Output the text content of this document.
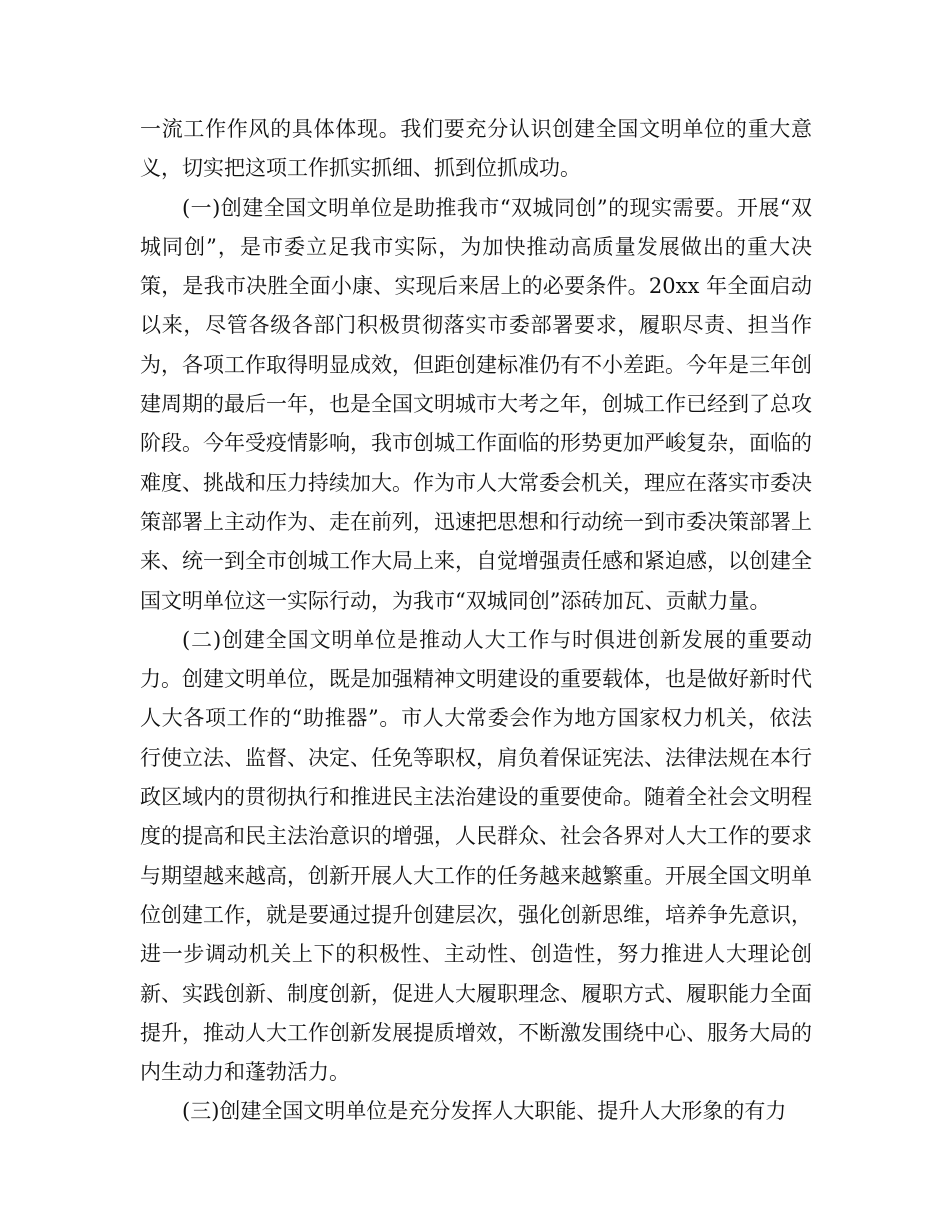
一流工作作风的具体体现。我们要充分认识创建全国文明单位的重大意义，切实把这项工作抓实抓细、抓到位抓成功。

(一)创建全国文明单位是助推我市“双城同创”的现实需要。开展“双城同创”，是市委立足我市实际，为加快推动高质量发展做出的重大决策，是我市决胜全面小康、实现后来居上的必要条件。20xx 年全面启动以来，尽管各级各部门积极贯彻落实市委部署要求，履职尽责、担当作为，各项工作取得明显成效，但距创建标准仍有不小差距。今年是三年创建周期的最后一年，也是全国文明城市大考之年，创城工作已经到了总攻阶段。今年受疫情影响，我市创城工作面临的形势更加严峻复杂，面临的难度、挑战和压力持续加大。作为市人大常委会机关，理应在落实市委决策部署上主动作为、走在前列，迅速把思想和行动统一到市委决策部署上来、统一到全市创城工作大局上来，自觉增强责任感和紧迫感，以创建全国文明单位这一实际行动，为我市“双城同创”添砖加瓦、贡献力量。

(二)创建全国文明单位是推动人大工作与时俱进创新发展的重要动力。创建文明单位，既是加强精神文明建设的重要载体，也是做好新时代人大各项工作的“助推器”。市人大常委会作为地方国家权力机关，依法行使立法、监督、决定、任免等职权，肩负着保证宪法、法律法规在本行政区域内的贯彻执行和推进民主法治建设的重要使命。随着全社会文明程度的提高和民主法治意识的增强，人民群众、社会各界对人大工作的要求与期望越来越高，创新开展人大工作的任务越来越繁重。开展全国文明单位创建工作，就是要通过提升创建层次，强化创新思维，培养争先意识，进一步调动机关上下的积极性、主动性、创造性，努力推进人大理论创新、实践创新、制度创新，促进人大履职理念、履职方式、履职能力全面提升，推动人大工作创新发展提质增效，不断激发围绕中心、服务大局的内生动力和蓬勃活力。

(三)创建全国文明单位是充分发挥人大职能、提升人大形象的有力
